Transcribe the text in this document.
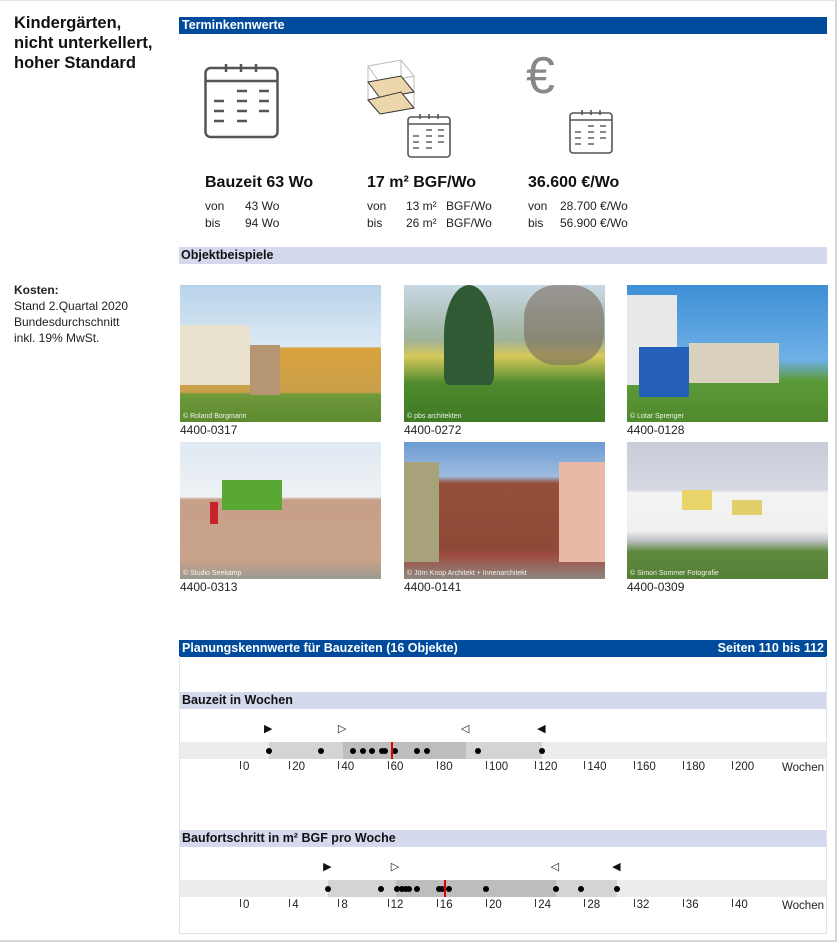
Kindergärten,
nicht unterkellert,
hoher Standard
Kosten:
Stand 2.Quartal 2020
Bundesdurchschnitt
inkl. 19% MwSt.
Terminkennwerte
€
Bauzeit 63 Wo
von 43 Wo
bis 94 Wo
17 m² BGF/Wo
von 13 m² BGF/Wo
bis 26 m² BGF/Wo
36.600 €/Wo
von 28.700 €/Wo
bis 56.900 €/Wo
Objektbeispiele
© Roland Borgmann
4400-0317
© pbs architekten
4400-0272
© Lotar Sprenger
4400-0128
© Studio Seekamp
4400-0313
© Jörn Knop Architekt + Innenarchitekt
4400-0141
© Simon Sommer Fotografie
4400-0309
Planungskennwerte für Bauzeiten (16 Objekte)	Seiten 110 bis 112
Bauzeit in Wochen
▶	▷	◁	◀
0	20	40	60	80	100	120	140	160	180	200 Wochen
Baufortschritt in m² BGF pro Woche
▶	▷	◁	◀
0	4	8	12	16	20	24	28	32	36	40	Wochen
